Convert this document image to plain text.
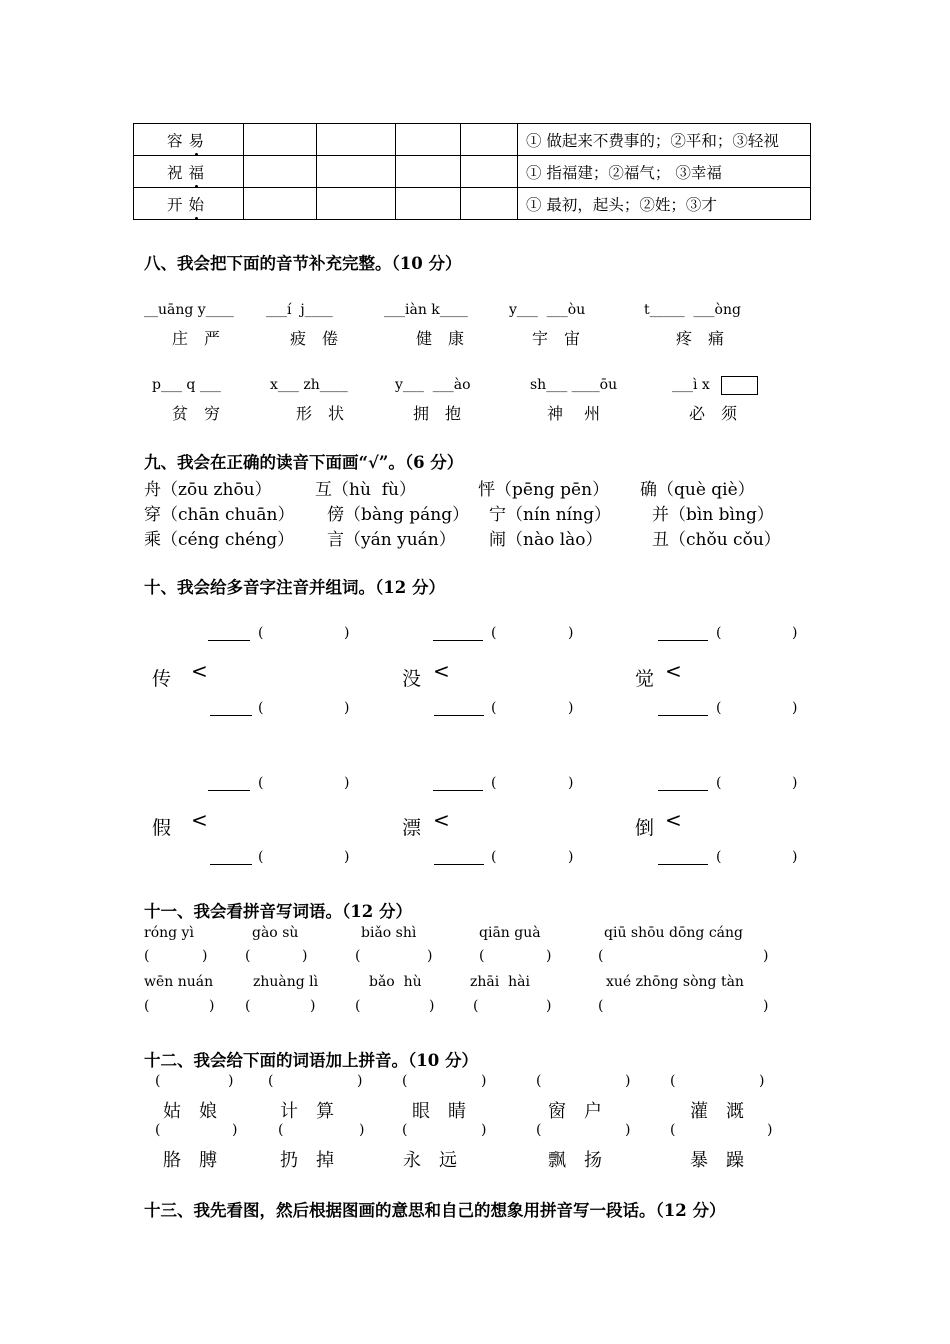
容易					① 做起来不费事的；②平和；③轻视
祝福					① 指福建；②福气； ③幸福
开始					① 最初，起头；②姓；③才
八、我会把下面的音节补充完整。（10 分）
__uāng y____
庄　严
___í  j____
疲　倦
___iàn k____
健　康
y___  ___òu
宇　宙
t_____  ___òng
疼　痛
p___ q ___
贫　穷
x___ zh____
形　状
y___  ___ào
拥　抱
sh___ ____ōu
神　 州
___ì x
必　须
九、我会在正确的读音下面画“√”。（6 分）
舟（zōu zhōu）	互（hù  fù）	怦（pēng pēn） 确（què qiè）
穿（chān chuān） 傍（bàng páng） 宁（nín níng） 并（bìn bìng）
乘（céng chéng） 言（yán yuán） 闹（nào lào）	丑（chǒu cǒu）
十、我会给多音字注音并组词。（12 分）
(	)	(	)	(	)
传 <	没 <	觉 <
(	)	(	)	(	)
(	)	(	)	(	)
假 <	漂 <	倒 <
(	)	(	)	(	)
十一、我会看拼音写词语。（12 分）
róng yì	gào sù	biǎo shì	qiān guà	qiū shōu dōng cáng
(	)	(	)	(	)	(	)	(	)
wēn nuán	zhuàng lì	bǎo  hù	zhāi  hài	xué zhōng sòng tàn
(	) (	)	(	)	(	)	(	)
十二、我会给下面的词语加上拼音。（10 分）
(	) (	)	(	)	(	)	(	)
姑　娘	计　算	眼　睛	窗　户	灌　溉
(	)	(	)	(	)	(	)	(	)
胳　膊	扔　掉	永　远	飘　扬	暴　躁
十三、我先看图，然后根据图画的意思和自己的想象用拼音写一段话。（12 分）
